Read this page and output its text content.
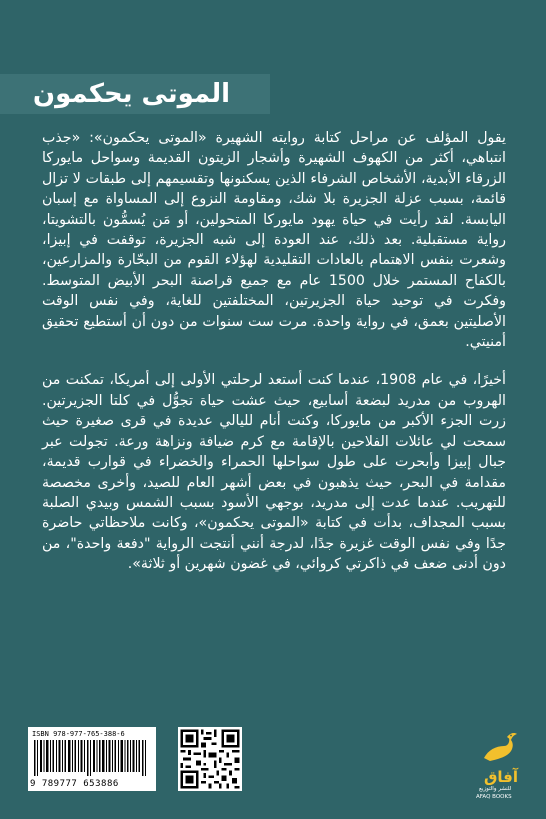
الموتى يحكمون

يقول المؤلف عن مراحل كتابة روايته الشهيرة «الموتى يحكمون»: «جذب انتباهي، أكثر من الكهوف الشهيرة وأشجار الزيتون القديمة وسواحل مايوركا الزرقاء الأبدية، الأشخاص الشرفاء الذين يسكنونها وتقسيمهم إلى طبقات لا تزال قائمة، بسبب عزلة الجزيرة بلا شك، ومقاومة النزوع إلى المساواة مع إسبان اليابسة. لقد رأيت في حياة يهود مايوركا المتحولين، أو مَن يُسمُّون بالتشويتا، رواية مستقبلية. بعد ذلك، عند العودة إلى شبه الجزيرة، توقفت في إبيزا، وشعرت بنفس الاهتمام بالعادات التقليدية لهؤلاء القوم من البحّارة والمزارعين، بالكفاح المستمر خلال 1500 عام مع جميع قراصنة البحر الأبيض المتوسط. وفكرت في توحيد حياة الجزيرتين، المختلفتين للغاية، وفي نفس الوقت الأصليتين بعمق، في رواية واحدة. مرت ست سنوات من دون أن أستطيع تحقيق أمنيتي.

أخيرًا، في عام 1908، عندما كنت أستعد لرحلتي الأولى إلى أمريكا، تمكنت من الهروب من مدريد لبضعة أسابيع، حيث عشت حياة تجوُّل في كلتا الجزيرتين. زرت الجزء الأكبر من مايوركا، وكنت أنام لليالي عديدة في قرى صغيرة حيث سمحت لي عائلات الفلاحين بالإقامة مع كرم ضيافة ونزاهة ورعة. تجولت عبر جبال إبيزا وأبحرت على طول سواحلها الحمراء والخضراء في قوارب قديمة، مقدامة في البحر، حيث يذهبون في بعض أشهر العام للصيد، وأخرى مخصصة للتهريب. عندما عدت إلى مدريد، بوجهي الأسود بسبب الشمس وبيدي الصلبة بسبب المجداف، بدأت في كتابة «الموتى يحكمون»، وكانت ملاحظاتي حاضرة جدًا وفي نفس الوقت غزيرة جدًا، لدرجة أنني أنتجت الرواية "دفعة واحدة"، من دون أدنى ضعف في ذاكرتي كروائي، في غضون شهرين أو ثلاثة».

ISBN 978-977-765-388-6
9 789777 653886	آفاق
للنشر والتوزيع
AFAQ BOOKS
